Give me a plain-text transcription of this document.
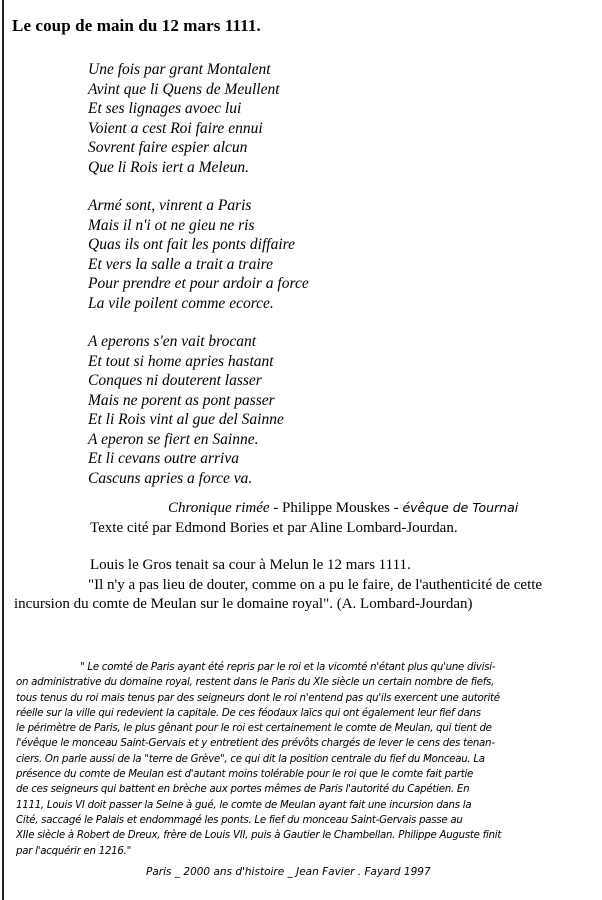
Le coup de main du 12 mars 1111.
Une fois par grant Montalent
Avint que li Quens de Meullent
Et ses lignages avoec lui
Voient a cest Roi faire ennui
Sovrent faire espier alcun
Que li Rois iert a Meleun.
Armé sont, vinrent a Paris
Mais il n'i ot ne gieu ne ris
Quas ils ont fait les ponts diffaire
Et vers la salle a trait a traire
Pour prendre et pour ardoir a force
La vile poilent comme ecorce.
A eperons s'en vait brocant
Et tout si home apries hastant
Conques ni douterent lasser
Mais ne porent as pont passer
Et li Rois vint al gue del Sainne
A eperon se fiert en Sainne.
Et li cevans outre arriva
Cascuns apries a force va.
Chronique rimée - Philippe Mouskes - évêque de Tournai
Texte cité par Edmond Bories et par Aline Lombard-Jourdan.
Louis le Gros tenait sa cour à Melun le 12 mars 1111.
"Il n'y a pas lieu de douter, comme on a pu le faire, de l'authenticité de cette incursion du comte de Meulan sur le domaine royal". (A. Lombard-Jourdan)
" Le comté de Paris ayant été repris par le roi et la vicomté n'étant plus qu'une divisi-
on administrative du domaine royal, restent dans le Paris du XIe siècle un certain nombre de fiefs,
tous tenus du roi mais tenus par des seigneurs dont le roi n'entend pas qu'ils exercent une autorité
réelle sur la ville qui redevient la capitale. De ces féodaux laïcs qui ont également leur fief dans
le périmètre de Paris, le plus gênant pour le roi est certainement le comte de Meulan, qui tient de
l'évêque le monceau Saint-Gervais et y entretient des prévôts chargés de lever le cens des tenan-
ciers. On parle aussi de la "terre de Grève", ce qui dit la position centrale du fief du Monceau. La
présence du comte de Meulan est d'autant moins tolérable pour le roi que le comte fait partie
de ces seigneurs qui battent en brèche aux portes mêmes de Paris l'autorité du Capétien. En
1111, Louis VI doit passer la Seine à gué, le comte de Meulan ayant fait une incursion dans la
Cité, saccagé le Palais et endommagé les ponts. Le fief du monceau Saint-Gervais passe au
XIIe siècle à Robert de Dreux, frère de Louis VII, puis à Gautier le Chambellan. Philippe Auguste finit
par l'acquérir en 1216."
Paris _ 2000 ans d'histoire _ Jean Favier . Fayard 1997
